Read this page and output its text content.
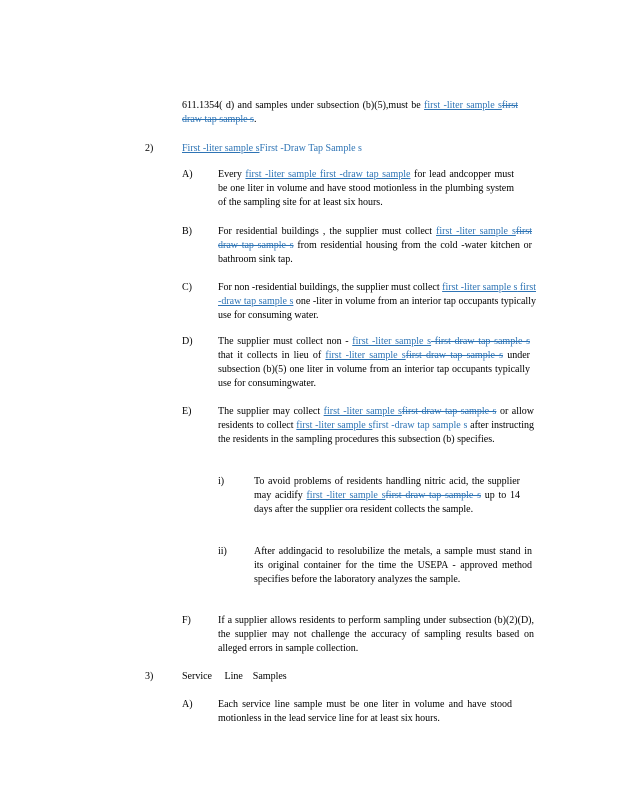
611.1354( d) and samples under subsection (b)(5),must be first -liter sample sfirst draw tap sample s.
2)	First -liter sample sFirst -Draw Tap Sample s
A)	Every first -liter sample first -draw tap sample for lead andcopper must be one liter in volume and have stood motionless in the plumbing system of the sampling site for at least six hours.
B)	For residential buildings , the supplier must collect first -liter sample sfirst draw tap sample s from residential housing from the cold -water kitchen or bathroom sink tap.
C)	For non -residential buildings, the supplier must collect first -liter sample s first -draw tap sample s one -liter in volume from an interior tap occupants typically use for consuming water.
D)	The supplier must collect non - first -liter sample s first draw tap sample s that it collects in lieu of first -liter sample sfirst draw tap sample s under subsection (b)(5) one liter in volume from an interior tap occupants typically use for consumingwater.
E)	The supplier may collect first -liter sample sfirst draw tap sample s or allow residents to collect first -liter sample sfirst -draw tap sample s after instructing the residents in the sampling procedures this subsection (b) specifies.
i)	To avoid problems of residents handling nitric acid, the supplier may acidify first -liter sample sfirst draw tap sample s up to 14 days after the supplier ora resident collects the sample.
ii)	After addingacid to resolubilize the metals, a sample must stand in its original container for the time the USEPA - approved method specifies before the laboratory analyzes the sample.
F)	If a supplier allows residents to perform sampling under subsection (b)(2)(D), the supplier may not challenge the accuracy of sampling results based on alleged errors in sample collection.
3)	Service     Line    Samples
A)	Each service line sample must be one liter in volume and have stood motionless in the lead service line for at least six hours.
